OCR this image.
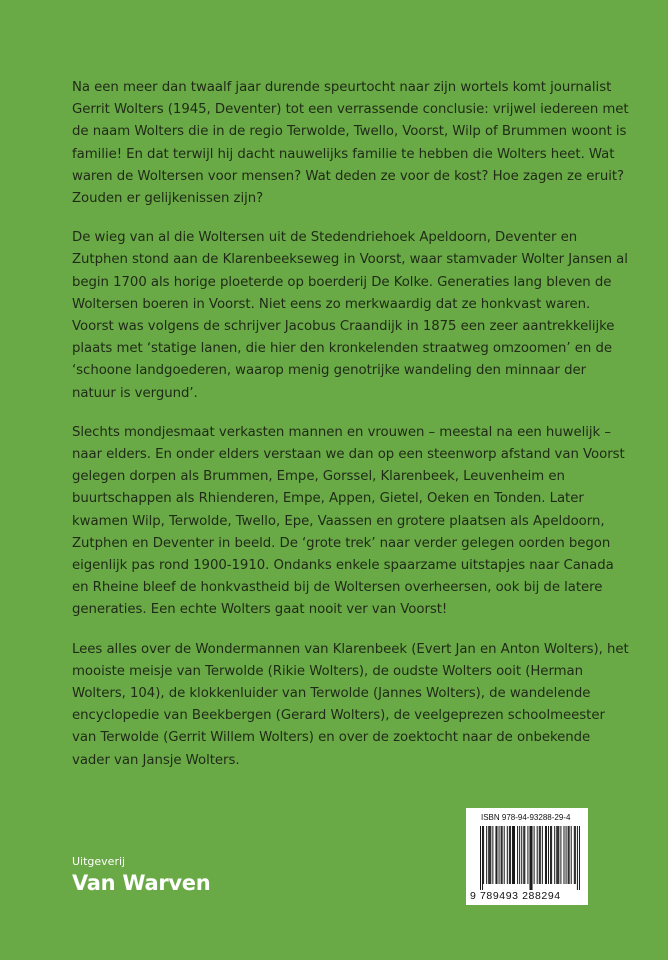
Na een meer dan twaalf jaar durende speurtocht naar zijn wortels komt journalist Gerrit Wolters (1945, Deventer) tot een verrassende conclusie: vrijwel iedereen met de naam Wolters die in de regio Terwolde, Twello, Voorst, Wilp of Brummen woont is familie! En dat terwijl hij dacht nauwelijks familie te hebben die Wolters heet. Wat waren de Woltersen voor mensen? Wat deden ze voor de kost? Hoe zagen ze eruit? Zouden er gelijkenissen zijn?

De wieg van al die Woltersen uit de Stedendriehoek Apeldoorn, Deventer en Zutphen stond aan de Klarenbeekseweg in Voorst, waar stamvader Wolter Jansen al begin 1700 als horige ploeterde op boerderij De Kolke. Generaties lang bleven de Woltersen boeren in Voorst. Niet eens zo merkwaardig dat ze honkvast waren. Voorst was volgens de schrijver Jacobus Craandijk in 1875 een zeer aantrekkelijke plaats met ‘statige lanen, die hier den kronkelenden straatweg omzoomen’ en de ‘schoone landgoederen, waarop menig genotrijke wandeling den minnaar der natuur is vergund’.

Slechts mondjesmaat verkasten mannen en vrouwen – meestal na een huwelijk – naar elders. En onder elders verstaan we dan op een steenworp afstand van Voorst gelegen dorpen als Brummen, Empe, Gorssel, Klarenbeek, Leuvenheim en buurtschappen als Rhienderen, Empe, Appen, Gietel, Oeken en Tonden. Later kwamen Wilp, Terwolde, Twello, Epe, Vaassen en grotere plaatsen als Apeldoorn, Zutphen en Deventer in beeld. De ‘grote trek’ naar verder gelegen oorden begon eigenlijk pas rond 1900-1910. Ondanks enkele spaarzame uitstapjes naar Canada en Rheine bleef de honkvastheid bij de Woltersen overheersen, ook bij de latere generaties. Een echte Wolters gaat nooit ver van Voorst!

Lees alles over de Wondermannen van Klarenbeek (Evert Jan en Anton Wolters), het mooiste meisje van Terwolde (Rikie Wolters), de oudste Wolters ooit (Herman Wolters, 104), de klokkenluider van Terwolde (Jannes Wolters), de wandelende encyclopedie van Beekbergen (Gerard Wolters), de veelgeprezen schoolmeester van Terwolde (Gerrit Willem Wolters) en over de zoektocht naar de onbekende vader van Jansje Wolters.

Uitgeverij
Van Warven
ISBN 978-94-93288-29-4
9 789493 288294
